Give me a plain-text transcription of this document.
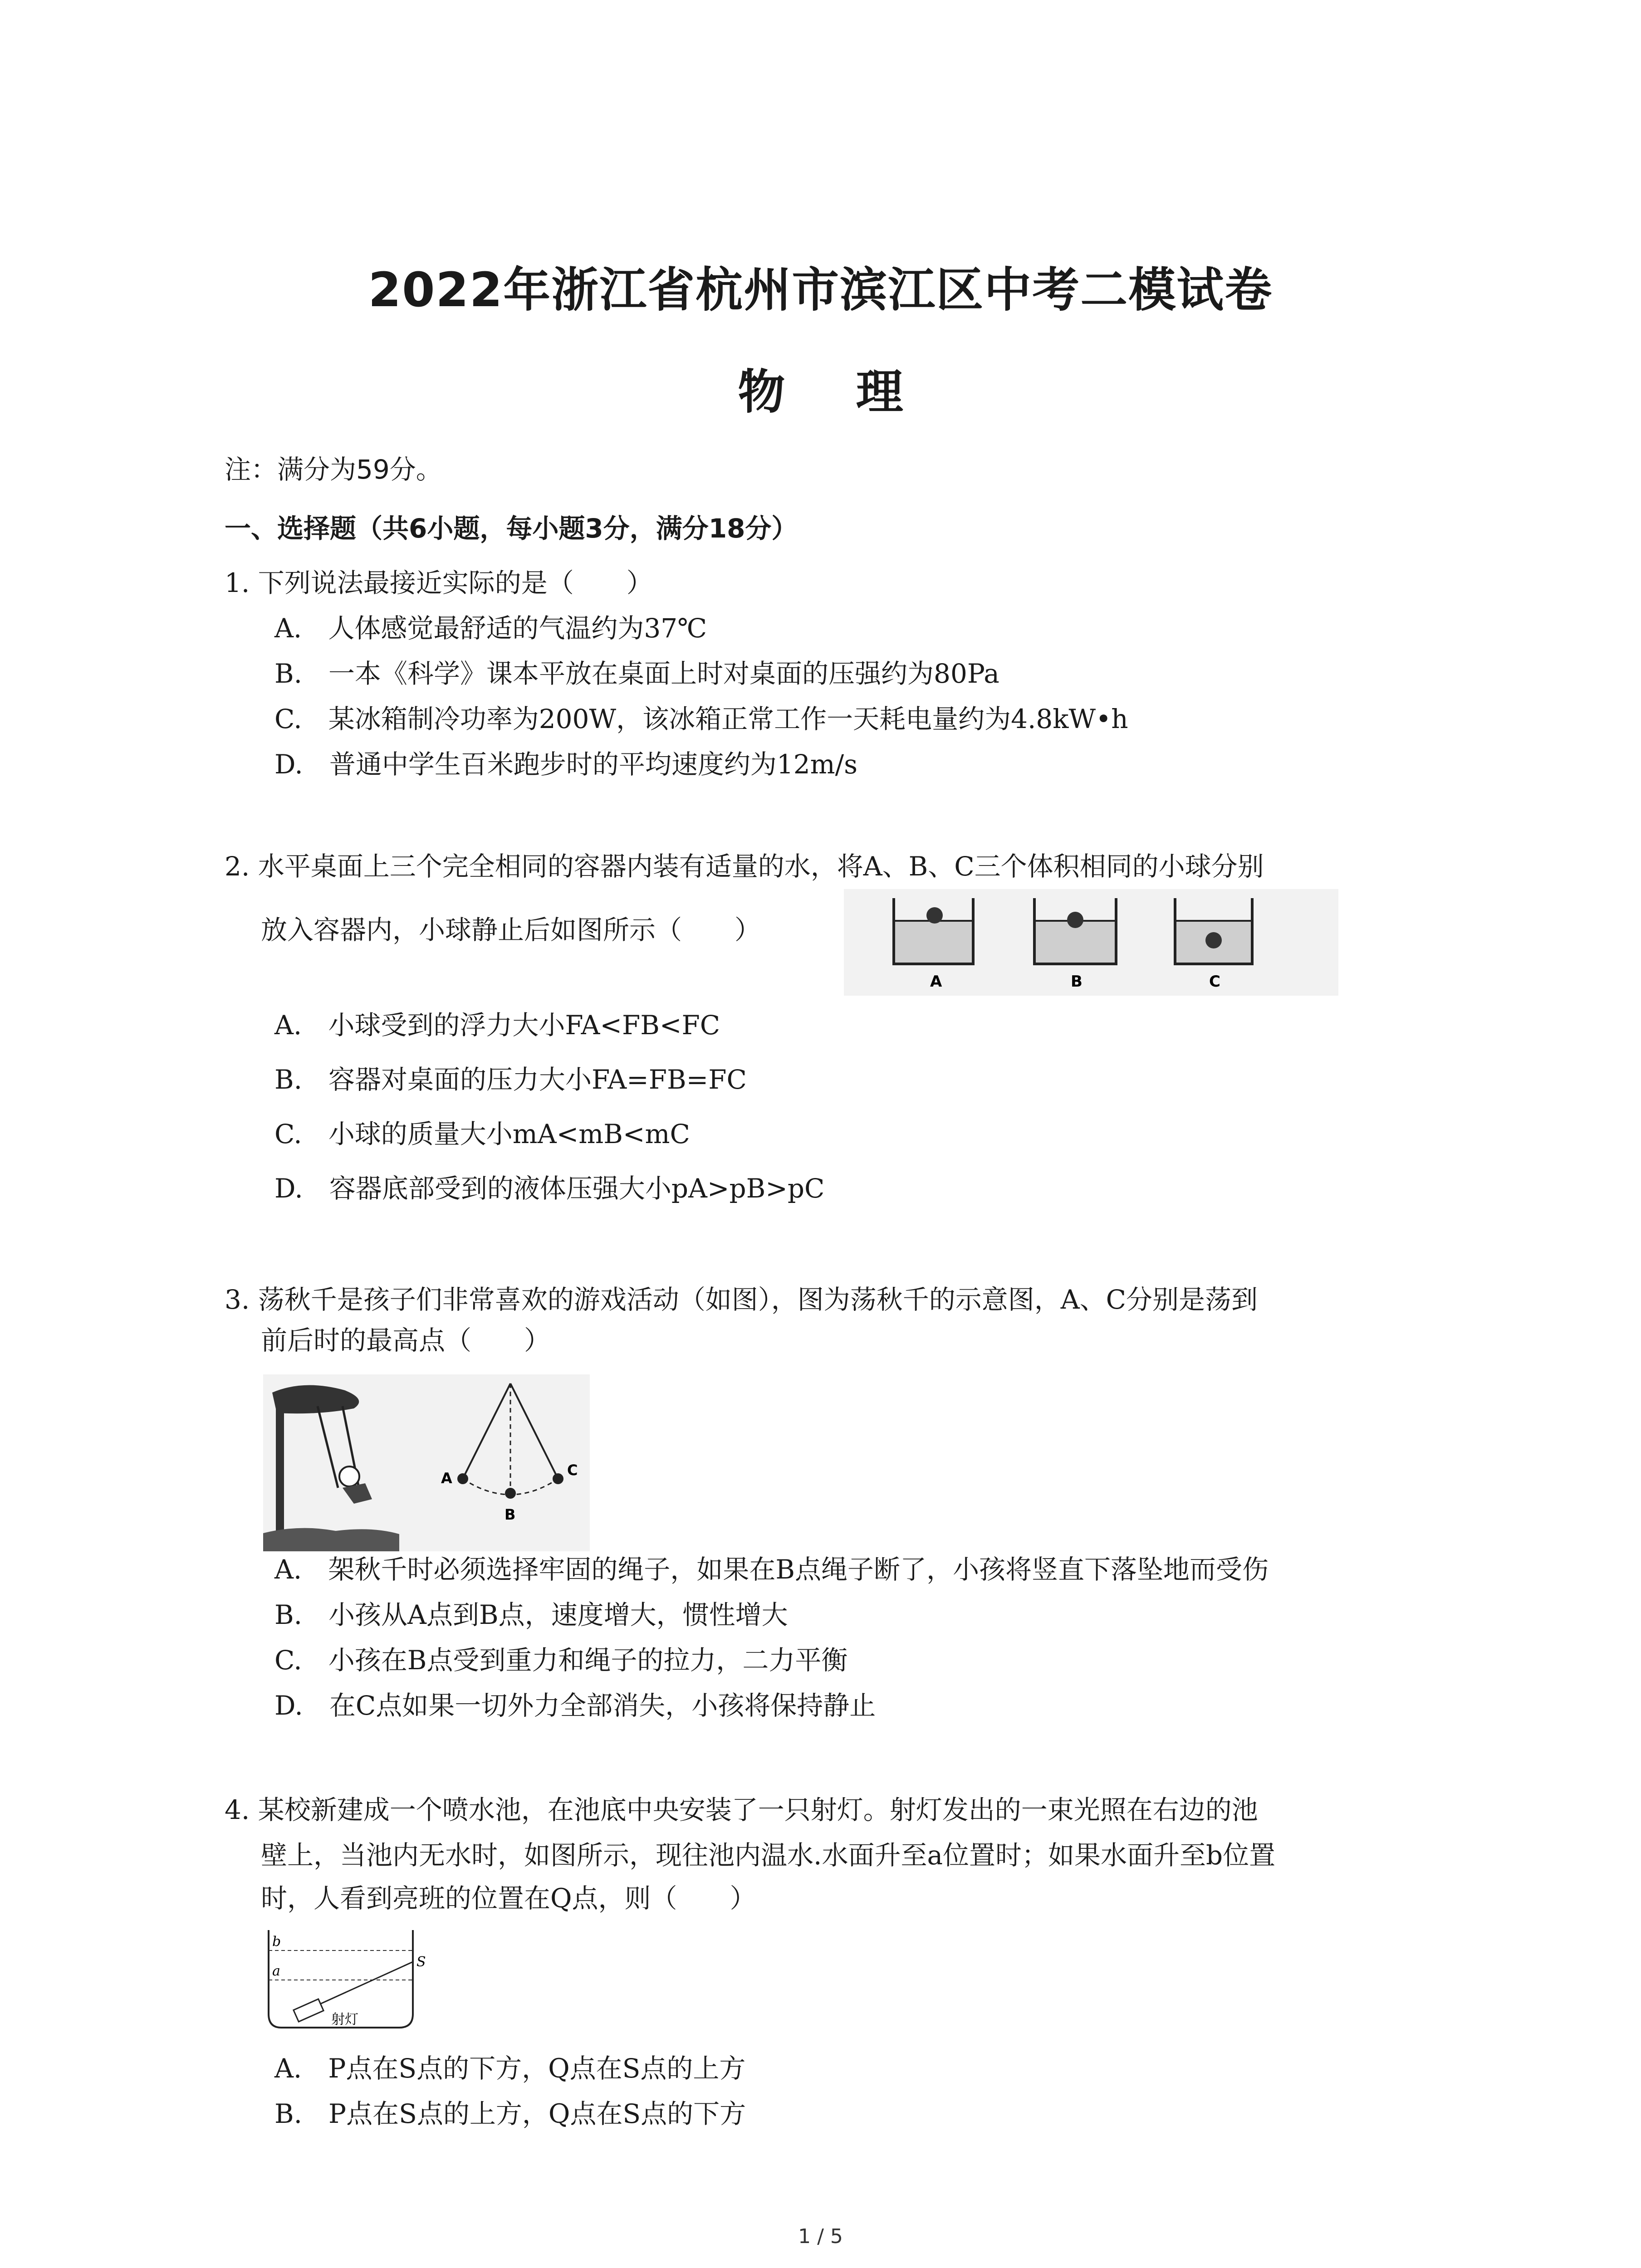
2022年浙江省杭州市滨江区中考二模试卷
物 理
注：满分为59分。
一、选择题（共6小题，每小题3分，满分18分）
1. 下列说法最接近实际的是（　　）
A.　人体感觉最舒适的气温约为37℃
B.　一本《科学》课本平放在桌面上时对桌面的压强约为80Pa
C.　某冰箱制冷功率为200W，该冰箱正常工作一天耗电量约为4.8kW•h
D.　普通中学生百米跑步时的平均速度约为12m/s
2. 水平桌面上三个完全相同的容器内装有适量的水，将A、B、C三个体积相同的小球分别
放入容器内，小球静止后如图所示（　　）
A	B	C
A.　小球受到的浮力大小FA<FB<FC
B.　容器对桌面的压力大小FA=FB=FC
C.　小球的质量大小mA<mB<mC
D.　容器底部受到的液体压强大小pA>pB>pC
3. 荡秋千是孩子们非常喜欢的游戏活动（如图），图为荡秋千的示意图，A、C分别是荡到
前后时的最高点（　　）
A
B
C
A.　架秋千时必须选择牢固的绳子，如果在B点绳子断了，小孩将竖直下落坠地而受伤
B.　小孩从A点到B点，速度增大，惯性增大
C.　小孩在B点受到重力和绳子的拉力，二力平衡
D.　在C点如果一切外力全部消失，小孩将保持静止
4. 某校新建成一个喷水池，在池底中央安装了一只射灯。射灯发出的一束光照在右边的池
壁上，当池内无水时，如图所示，现往池内温水.水面升至a位置时；如果水面升至b位置
时，人看到亮班的位置在Q点，则（　　）
b
a
S
射灯
A.　P点在S点的下方，Q点在S点的上方
B.　P点在S点的上方，Q点在S点的下方
1 / 5
